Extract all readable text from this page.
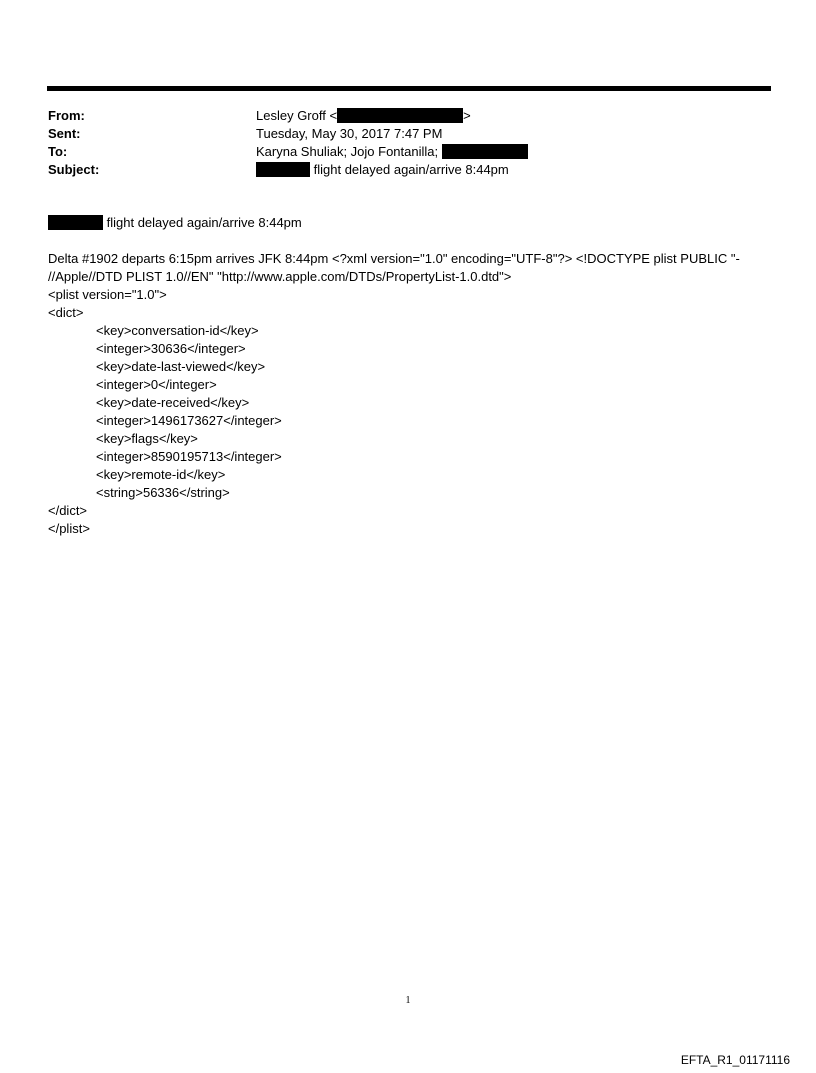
From:	Lesley Groff <	>
Sent:	Tuesday, May 30, 2017 7:47 PM
To:	Karyna Shuliak; Jojo Fontanilla;
Subject:	flight delayed again/arrive 8:44pm
flight delayed again/arrive 8:44pm
Delta #1902 departs 6:15pm arrives JFK 8:44pm <?xml version="1.0" encoding="UTF-8"?> <!DOCTYPE plist PUBLIC "-
//Apple//DTD PLIST 1.0//EN" "http://www.apple.com/DTDs/PropertyList-1.0.dtd">
<plist version="1.0">
<dict>
<key>conversation-id</key>
<integer>30636</integer>
<key>date-last-viewed</key>
<integer>0</integer>
<key>date-received</key>
<integer>1496173627</integer>
<key>flags</key>
<integer>8590195713</integer>
<key>remote-id</key>
<string>56336</string>
</dict>
</plist>
1
EFTA_R1_01171116
